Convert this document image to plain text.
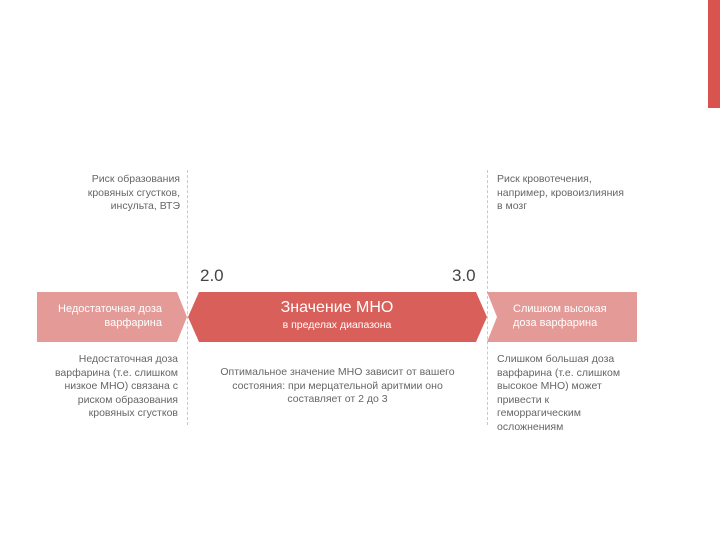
Риск образования
кровяных сгустков,
инсульта, ВТЭ
Риск кровотечения,
например, кровоизлияния
в мозг
2.0	3.0
Недостаточная доза
варфарина
Значение МНО
в пределах диапазона
Слишком высокая
доза варфарина
Недостаточная доза
варфарина (т.е. слишком
низкое МНО) связана с
риском образования
кровяных сгустков
Оптимальное значение МНО зависит от вашего
состояния: при мерцательной аритмии оно
составляет от 2 до 3
Слишком большая доза
варфарина (т.е. слишком
высокое МНО) может
привести к
геморрагическим
осложнениям
